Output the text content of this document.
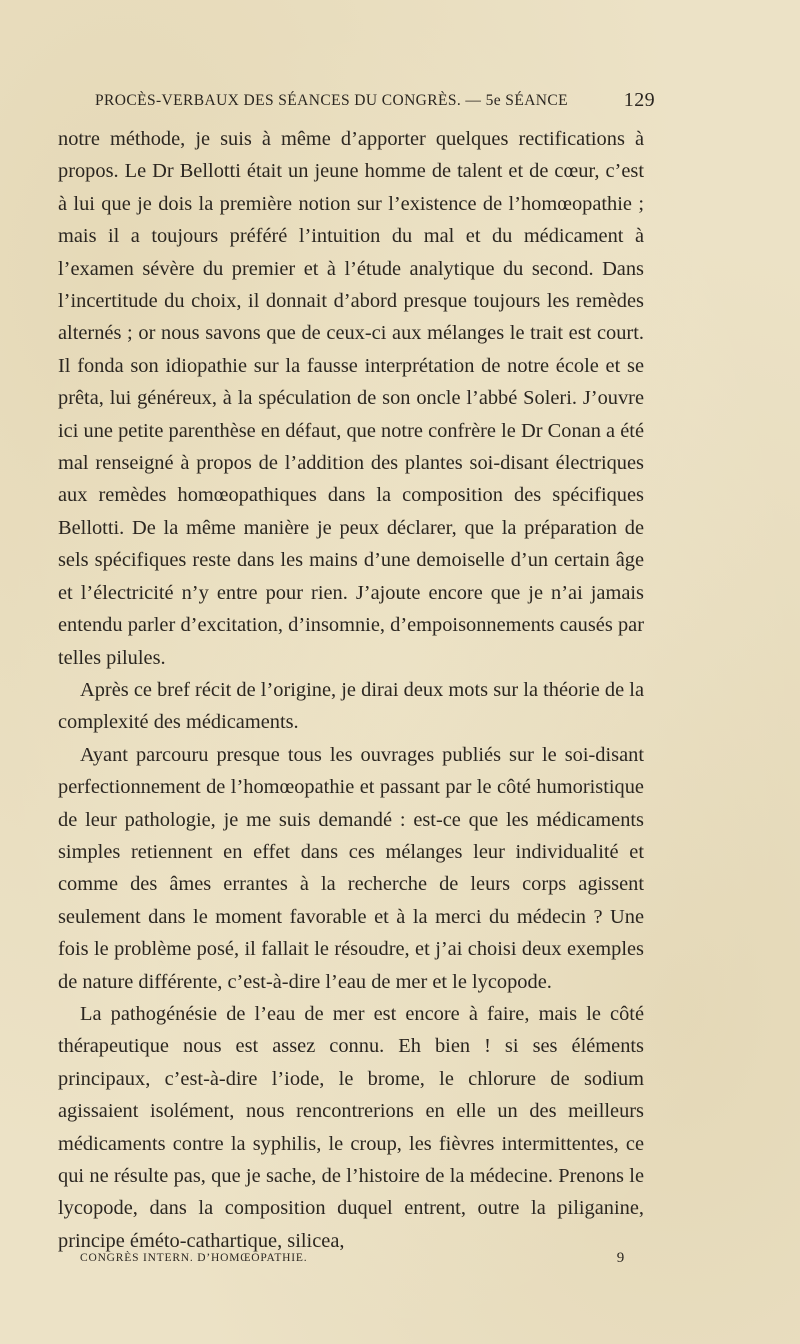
PROCÈS-VERBAUX DES SÉANCES DU CONGRÈS. — 5e SÉANCE	129

notre méthode, je suis à même d’apporter quelques rectifications à propos. Le Dr Bellotti était un jeune homme de talent et de cœur, c’est à lui que je dois la première notion sur l’existence de l’homœopathie ; mais il a toujours préféré l’intuition du mal et du médicament à l’examen sévère du premier et à l’étude analytique du second. Dans l’incertitude du choix, il donnait d’abord presque toujours les remèdes alternés ; or nous savons que de ceux-ci aux mélanges le trait est court. Il fonda son idiopathie sur la fausse interprétation de notre école et se prêta, lui généreux, à la spéculation de son oncle l’abbé Soleri. J’ouvre ici une petite parenthèse en défaut, que notre confrère le Dr Conan a été mal renseigné à propos de l’addition des plantes soi-disant électriques aux remèdes homœopathiques dans la composition des spécifiques Bellotti. De la même manière je peux déclarer, que la préparation de sels spécifiques reste dans les mains d’une demoiselle d’un certain âge et l’électricité n’y entre pour rien. J’ajoute encore que je n’ai jamais entendu parler d’excitation, d’insomnie, d’empoisonnements causés par telles pilules.

Après ce bref récit de l’origine, je dirai deux mots sur la théorie de la complexité des médicaments.

Ayant parcouru presque tous les ouvrages publiés sur le soi-disant perfectionnement de l’homœopathie et passant par le côté humoristique de leur pathologie, je me suis demandé : est-ce que les médicaments simples retiennent en effet dans ces mélanges leur individualité et comme des âmes errantes à la recherche de leurs corps agissent seulement dans le moment favorable et à la merci du médecin ? Une fois le problème posé, il fallait le résoudre, et j’ai choisi deux exemples de nature différente, c’est-à-dire l’eau de mer et le lycopode.

La pathogénésie de l’eau de mer est encore à faire, mais le côté thérapeutique nous est assez connu. Eh bien ! si ses éléments principaux, c’est-à-dire l’iode, le brome, le chlorure de sodium agissaient isolément, nous rencontrerions en elle un des meilleurs médicaments contre la syphilis, le croup, les fièvres intermittentes, ce qui ne résulte pas, que je sache, de l’histoire de la médecine. Prenons le lycopode, dans la composition duquel entrent, outre la piliganine, principe éméto-cathartique, silicea,

CONGRÈS INTERN. D’HOMŒOPATHIE.	9
